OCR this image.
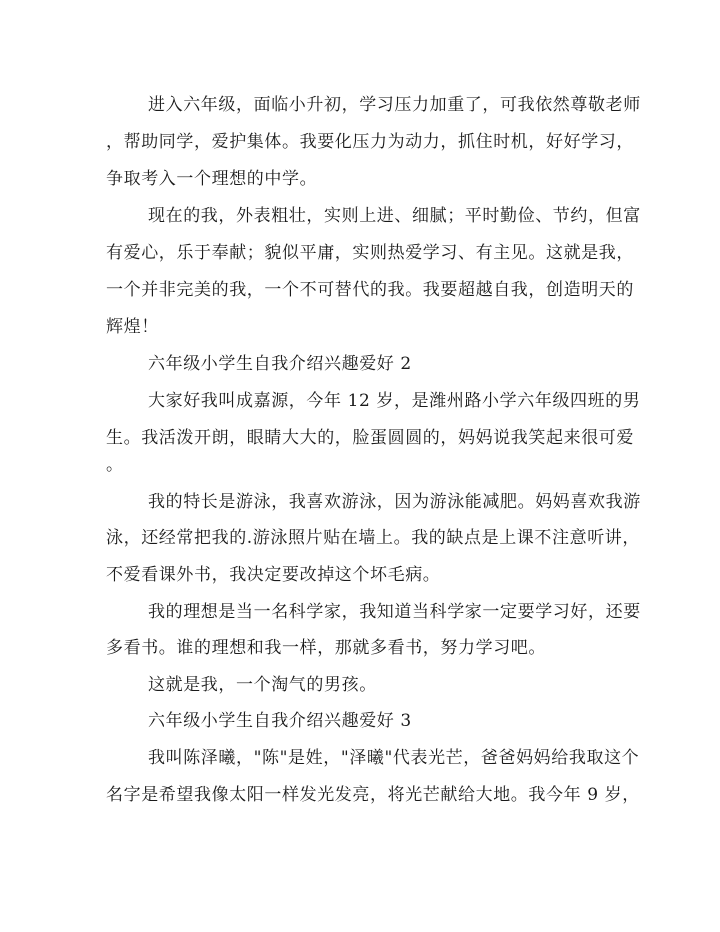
进入六年级，面临小升初，学习压力加重了，可我依然尊敬老师
，帮助同学，爱护集体。我要化压力为动力，抓住时机，好好学习，
争取考入一个理想的中学。
现在的我，外表粗壮，实则上进、细腻；平时勤俭、节约，但富
有爱心，乐于奉献；貌似平庸，实则热爱学习、有主见。这就是我，
一个并非完美的我，一个不可替代的我。我要超越自我，创造明天的
辉煌！
六年级小学生自我介绍兴趣爱好 2
大家好我叫成嘉源，今年 12 岁，是潍州路小学六年级四班的男
生。我活泼开朗，眼睛大大的，脸蛋圆圆的，妈妈说我笑起来很可爱
。
我的特长是游泳，我喜欢游泳，因为游泳能减肥。妈妈喜欢我游
泳，还经常把我的.游泳照片贴在墙上。我的缺点是上课不注意听讲，
不爱看课外书，我决定要改掉这个坏毛病。
我的理想是当一名科学家，我知道当科学家一定要学习好，还要
多看书。谁的理想和我一样，那就多看书，努力学习吧。
这就是我，一个淘气的男孩。
六年级小学生自我介绍兴趣爱好 3
我叫陈泽曦，"陈"是姓，"泽曦"代表光芒，爸爸妈妈给我取这个
名字是希望我像太阳一样发光发亮，将光芒献给大地。我今年 9 岁，
